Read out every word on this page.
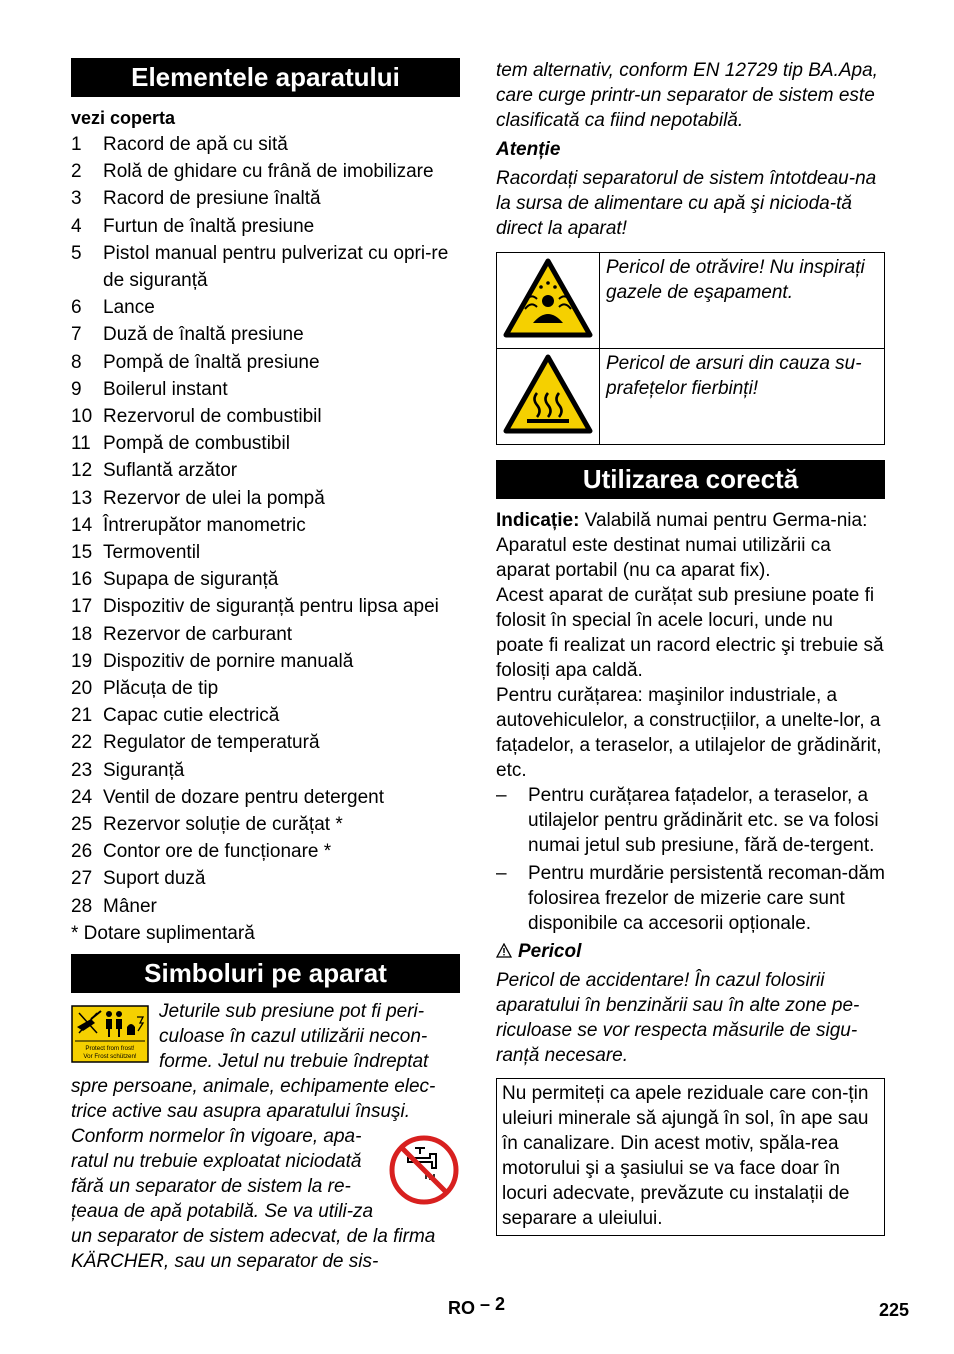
Elementele aparatului
vezi coperta
1	Racord de apă cu sită
2	Rolă de ghidare cu frână de imobilizare
3	Racord de presiune înaltă
4	Furtun de înaltă presiune
5	Pistol manual pentru pulverizat cu opri-re de siguranță
6	Lance
7	Duză de înaltă presiune
8	Pompă de înaltă presiune
9	Boilerul instant
10 Rezervorul de combustibil
11 Pompă de combustibil
12 Suflantă arzător
13 Rezervor de ulei la pompă
14 Întrerupător manometric
15 Termoventil
16 Supapa de siguranță
17 Dispozitiv de siguranță pentru lipsa apei
18 Rezervor de carburant
19 Dispozitiv de pornire manuală
20 Plăcuța de tip
21 Capac cutie electrică
22 Regulator de temperatură
23 Siguranță
24 Ventil de dozare pentru detergent
25 Rezervor soluție de curățat *
26 Contor ore de funcționare *
27 Suport duză
28 Mâner
* Dotare suplimentară
Simboluri pe aparat
Protect from frost!
Vor Frost schützen!

Jeturile sub presiune pot fi peri-culoase în cazul utilizării necon-forme. Jetul nu trebuie îndreptat spre persoane, animale, echipamente elec-trice active sau asupra aparatului însuşi.

Conform normelor în vigoare, apa-ratul nu trebuie exploatat niciodată fără un separator de sistem la re-țeaua de apă potabilă. Se va utili-za un separator de sistem adecvat, de la firma KÄRCHER, sau un separator de sis-

tem alternativ, conform EN 12729 tip BA.Apa, care curge printr-un separator de sistem este clasificată ca fiind nepotabilă.

Atenție

Racordați separatorul de sistem întotdeau-na la sursa de alimentare cu apă şi niciodа-tă direct la aparat!

	Pericol de otrăvire! Nu inspirați gazele de eşapament.
	Pericol de arsuri din cauza su-prafețelor fierbinți!
Utilizarea corectă

Indicație: Valabilă numai pentru Germa-nia: Aparatul este destinat numai utilizării ca aparat portabil (nu ca aparat fix).

Acest aparat de curățat sub presiune poate fi folosit în special în acele locuri, unde nu poate fi realizat un racord electric şi trebuie să folosiți apa caldă.

Pentru curățarea: maşinilor industriale, a autovehiculelor, a construcțiilor, a unelte-lor, a fațadelor, a teraselor, a utilajelor de grădinărit, etc.

–	Pentru curățarea fațadelor, a teraselor, a utilajelor pentru grădinărit etc. se va folosi numai jetul sub presiune, fără de-tergent.
–	Pentru murdărie persistentă recoman-dăm folosirea frezelor de mizerie care sunt disponibile ca accesorii opționale.
Pericol

Pericol de accidentare! În cazul folosirii aparatului în benzinării sau în alte zone pe-riculoase se vor respecta măsurile de sigu-ranță necesare.

Nu permiteți ca apele reziduale care con-țin uleiuri minerale să ajungă în sol, în ape sau în canalizare. Din acest motiv, spăla-rea motorului şi a şasiului se va face doar în locuri adecvate, prevăzute cu instalații de separare a uleiului.
RO – 2	225
